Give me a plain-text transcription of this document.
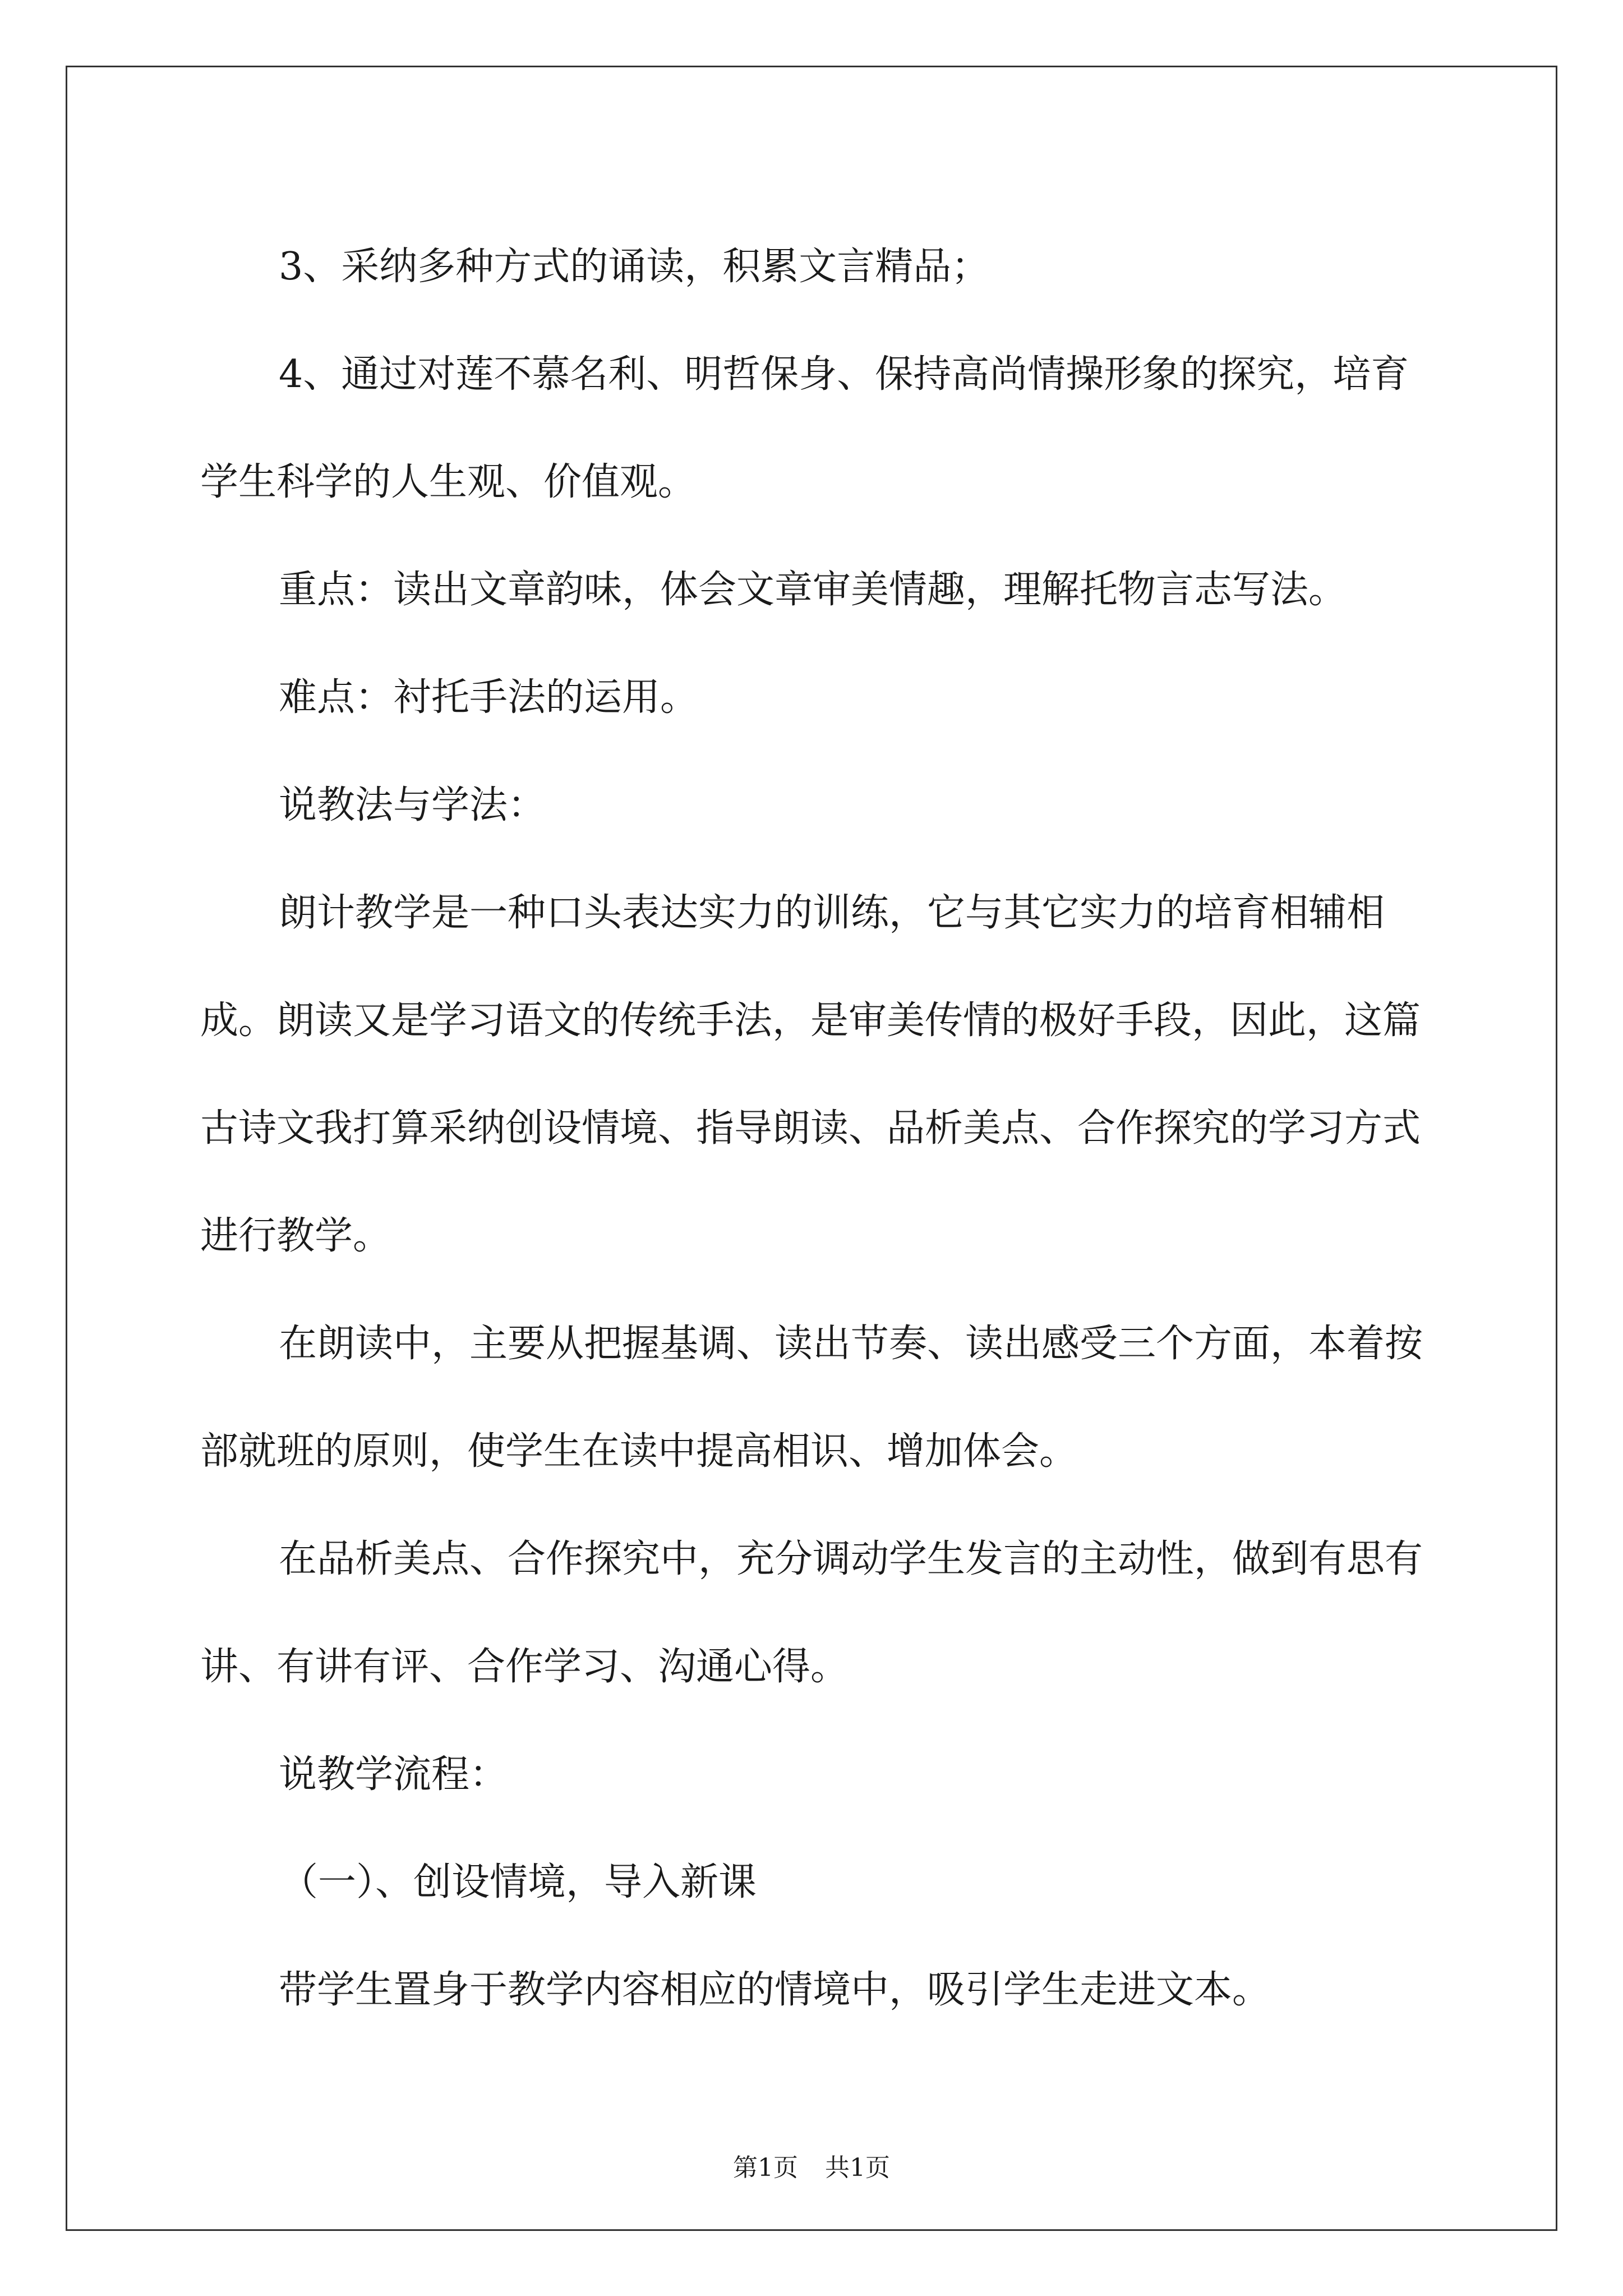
3、采纳多种方式的诵读，积累文言精品；

4、通过对莲不慕名利、明哲保身、保持高尚情操形象的探究，培育学生科学的人生观、价值观。

重点：读出文章韵味，体会文章审美情趣，理解托物言志写法。

难点：衬托手法的运用。

说教法与学法：

朗计教学是一种口头表达实力的训练，它与其它实力的培育相辅相成。朗读又是学习语文的传统手法，是审美传情的极好手段，因此，这篇古诗文我打算采纳创设情境、指导朗读、品析美点、合作探究的学习方式进行教学。

在朗读中，主要从把握基调、读出节奏、读出感受三个方面，本着按部就班的原则，使学生在读中提高相识、增加体会。

在品析美点、合作探究中，充分调动学生发言的主动性，做到有思有讲、有讲有评、合作学习、沟通心得。

说教学流程：

（一）、创设情境，导入新课

带学生置身于教学内容相应的情境中，吸引学生走进文本。

第1页 共1页
